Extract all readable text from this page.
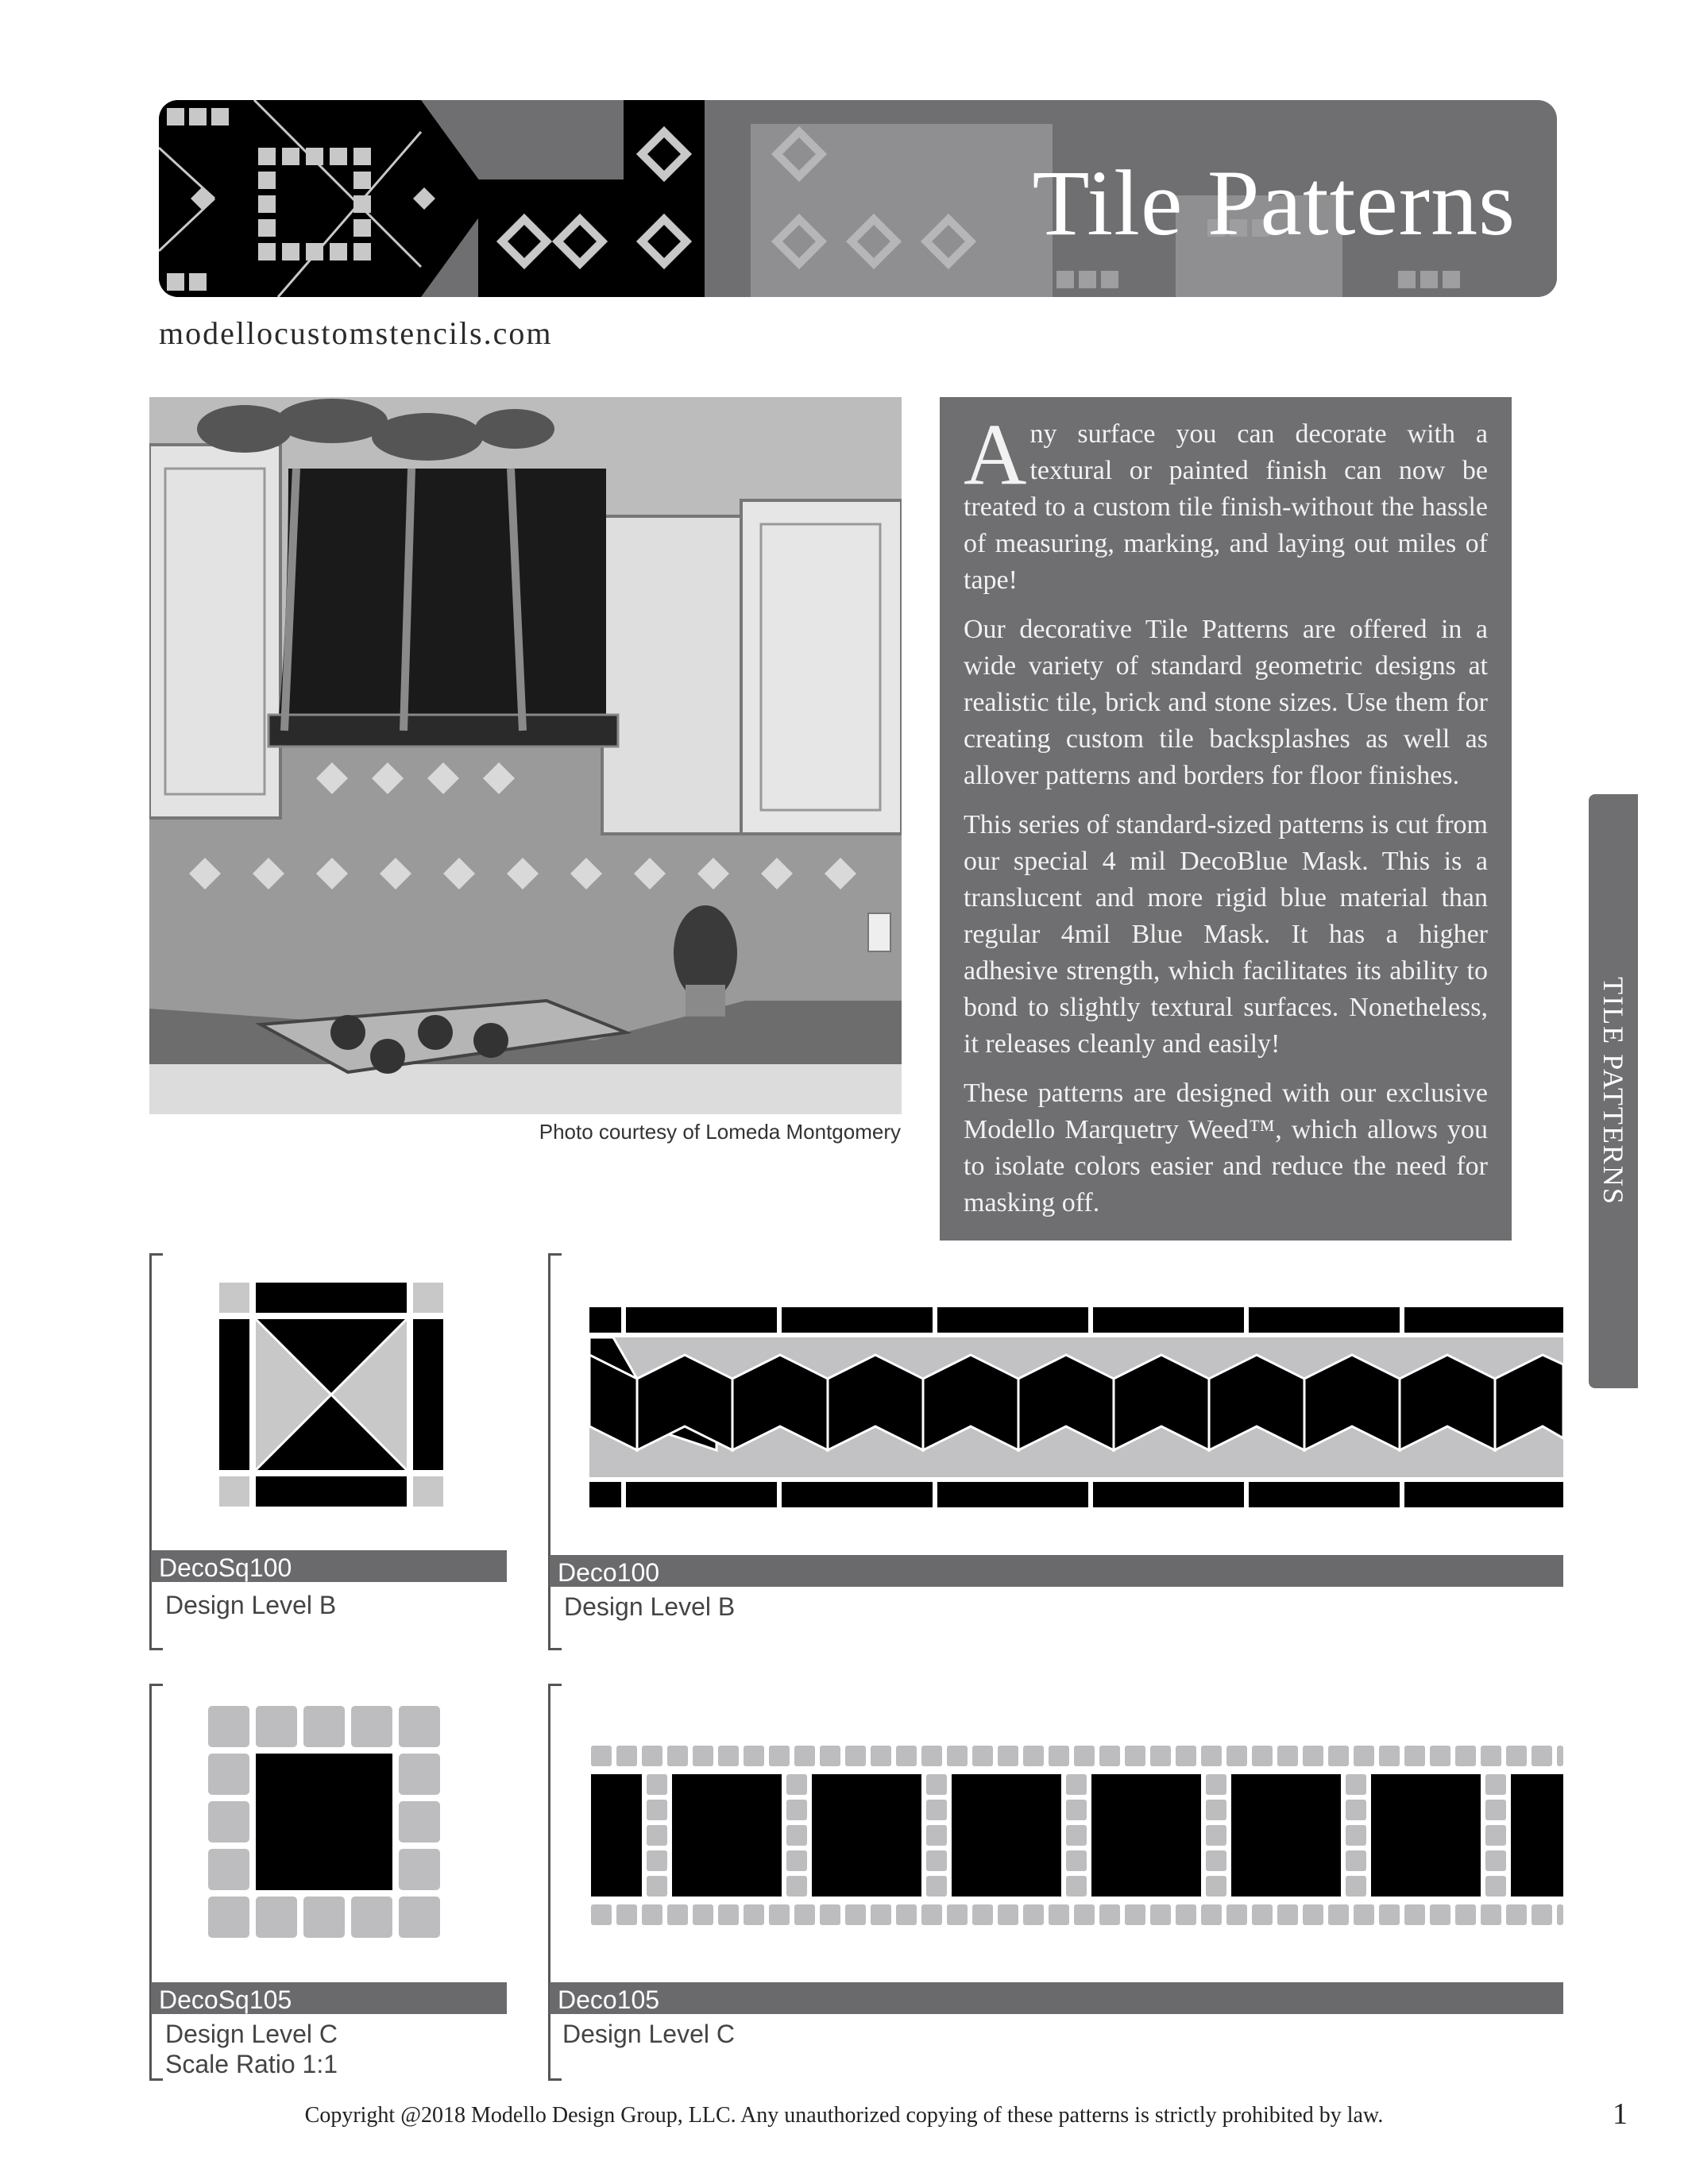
Tile Patterns
modellocustomstencils.com
Photo courtesy of Lomeda Montgomery

Any surface you can decorate with a textural or painted finish can now be treated to a custom tile finish-without the hassle of measuring, marking, and laying out miles of tape!

Our decorative Tile Patterns are offered in a wide variety of standard geometric designs at realistic tile, brick and stone sizes. Use them for creating custom tile backsplashes as well as allover patterns and borders for floor finishes.

This series of standard-sized patterns is cut from our special 4 mil DecoBlue Mask. This is a translucent and more rigid blue material than regular 4mil Blue Mask. It has a higher adhesive strength, which facilitates its ability to bond to slightly textural surfaces. Nonetheless, it releases cleanly and easily!

These patterns are designed with our exclusive Modello Marquetry Weed™, which allows you to isolate colors easier and reduce the need for masking off.	TILE PATTERNS
DecoSq100
Design Level B
Deco100
Design Level B
DecoSq105
Design Level C
Scale Ratio 1:1
Deco105
Design Level C
Copyright @2018 Modello Design Group, LLC. Any unauthorized copying of these patterns is strictly prohibited by law.	1
